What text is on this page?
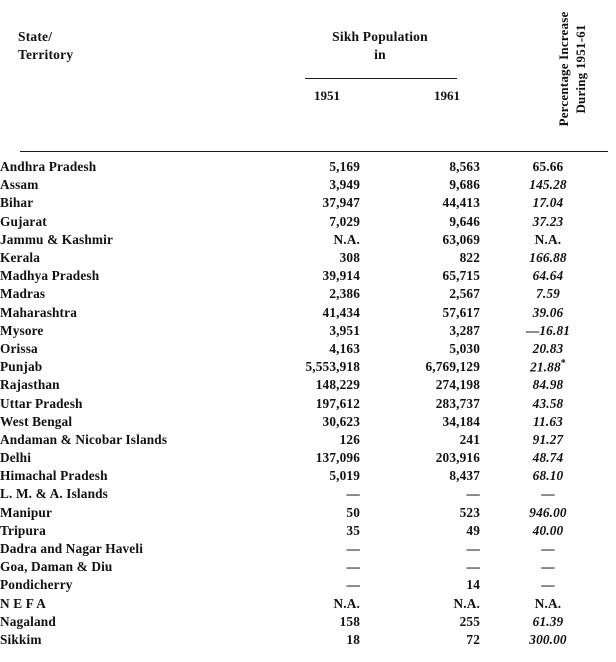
State/
Territory
Sikh Population
in
1951	1961	Percentage Increase During 1951-61
Andhra Pradesh	5,169	8,563	65.66
Assam	3,949	9,686	145.28
Bihar	37,947	44,413	17.04
Gujarat	7,029	9,646	37.23
Jammu & Kashmir	N.A.	63,069	N.A.
Kerala	308	822	166.88
Madhya Pradesh	39,914	65,715	64.64
Madras	2,386	2,567	7.59
Maharashtra	41,434	57,617	39.06
Mysore	3,951	3,287	—16.81
Orissa	4,163	5,030	20.83
Punjab	5,553,918	6,769,129	21.88*
Rajasthan	148,229	274,198	84.98
Uttar Pradesh	197,612	283,737	43.58
West Bengal	30,623	34,184	11.63
Andaman & Nicobar Islands	126	241	91.27
Delhi	137,096	203,916	48.74
Himachal Pradesh	5,019	8,437	68.10
L. M. & A. Islands	—	—	—
Manipur	50	523	946.00
Tripura	35	49	40.00
Dadra and Nagar Haveli	—	—	—
Goa, Daman & Diu	—	—	—
Pondicherry	—	14	—
N E F A	N.A.	N.A.	N.A.
Nagaland	158	255	61.39
Sikkim	18	72	300.00
